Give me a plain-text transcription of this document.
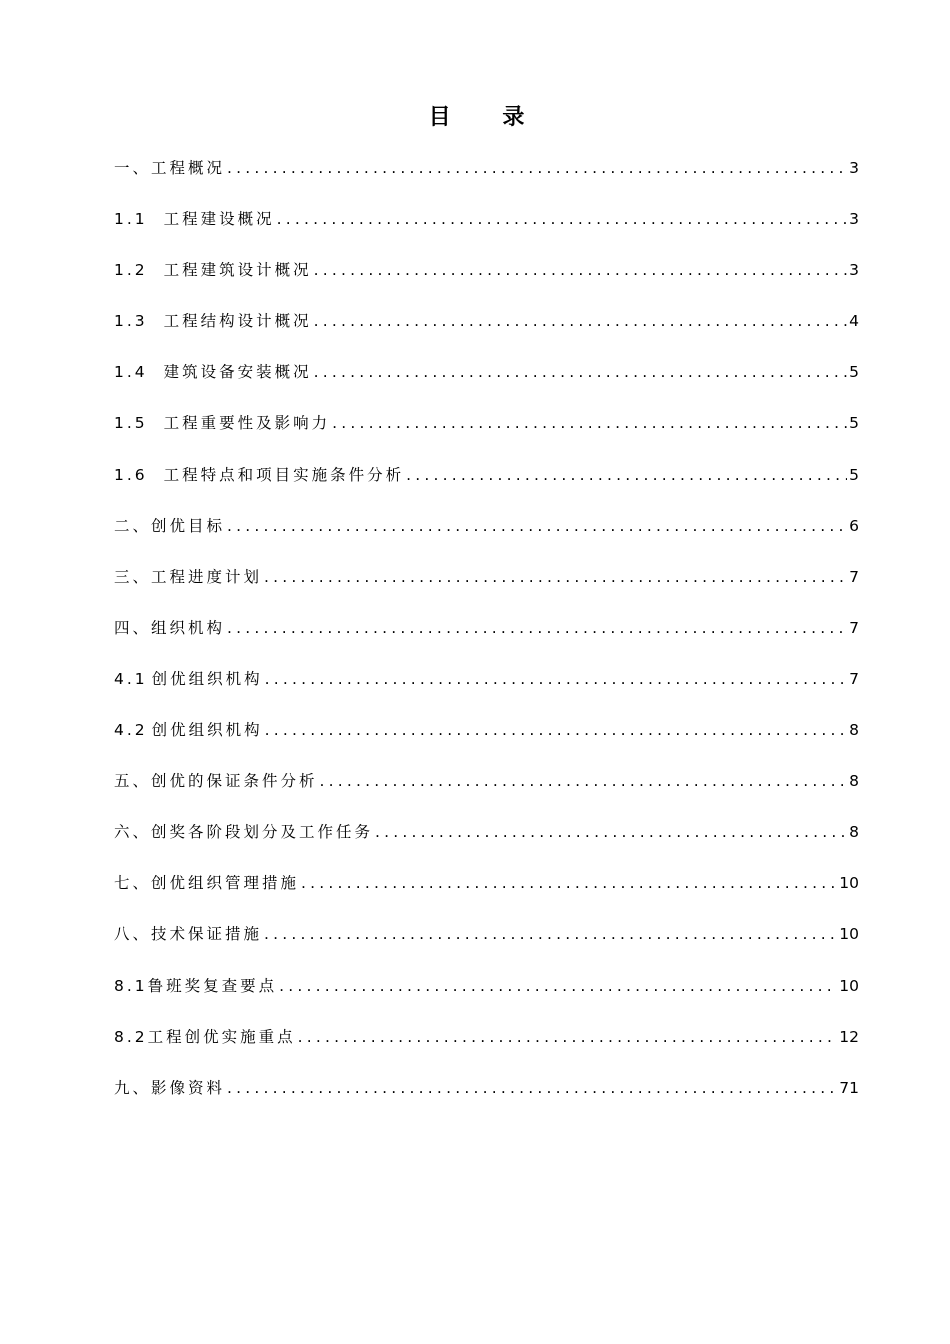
目 录
一、工程概况 .....	3
1.1 工程建设概况 .....	3
1.2 工程建筑设计概况 .....	3
1.3 工程结构设计概况 .....	4
1.4 建筑设备安装概况 .....	5
1.5 工程重要性及影响力 .....	5
1.6 工程特点和项目实施条件分析 .....	5
二、创优目标 .....	6
三、工程进度计划 .....	7
四、组织机构 .....	7
4.1 创优组织机构 .....	7
4.2 创优组织机构 .....	8
五、创优的保证条件分析 .....	8
六、创奖各阶段划分及工作任务 .....	8
七、创优组织管理措施 .....	10
八、技术保证措施 .....	10
8.1鲁班奖复查要点 .....	10
8.2工程创优实施重点 .....	12
九、影像资料 .....	71
